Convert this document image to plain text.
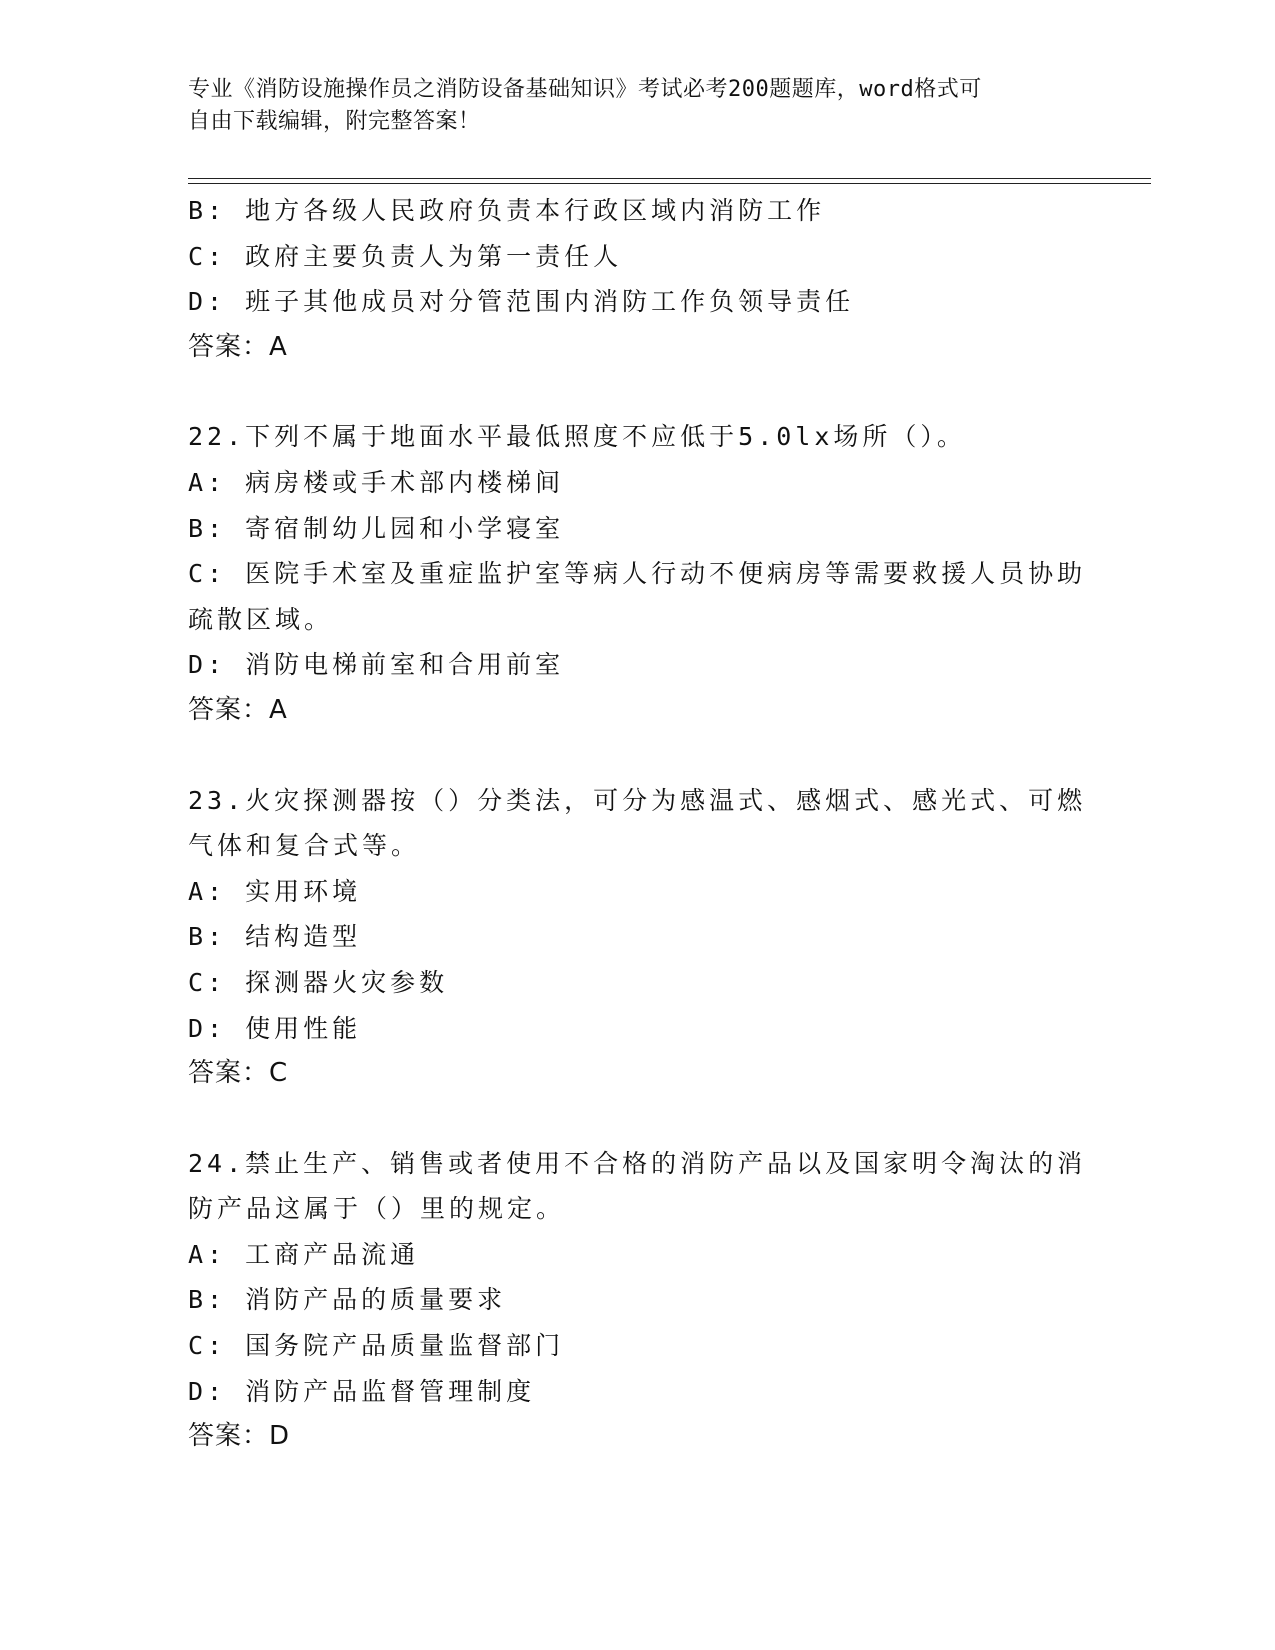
专业《消防设施操作员之消防设备基础知识》考试必考200题题库，word格式可
自由下载编辑，附完整答案！
B: 地方各级人民政府负责本行政区域内消防工作
C: 政府主要负责人为第一责任人
D: 班子其他成员对分管范围内消防工作负领导责任
答案：A
22.下列不属于地面水平最低照度不应低于5.0lx场所（）。
A: 病房楼或手术部内楼梯间
B: 寄宿制幼儿园和小学寝室
C: 医院手术室及重症监护室等病人行动不便病房等需要救援人员协助
疏散区域。
D: 消防电梯前室和合用前室
答案：A
23.火灾探测器按（）分类法，可分为感温式、感烟式、感光式、可燃
气体和复合式等。
A: 实用环境
B: 结构造型
C: 探测器火灾参数
D: 使用性能
答案：C
24.禁止生产、销售或者使用不合格的消防产品以及国家明令淘汰的消
防产品这属于（）里的规定。
A: 工商产品流通
B: 消防产品的质量要求
C: 国务院产品质量监督部门
D: 消防产品监督管理制度
答案：D
